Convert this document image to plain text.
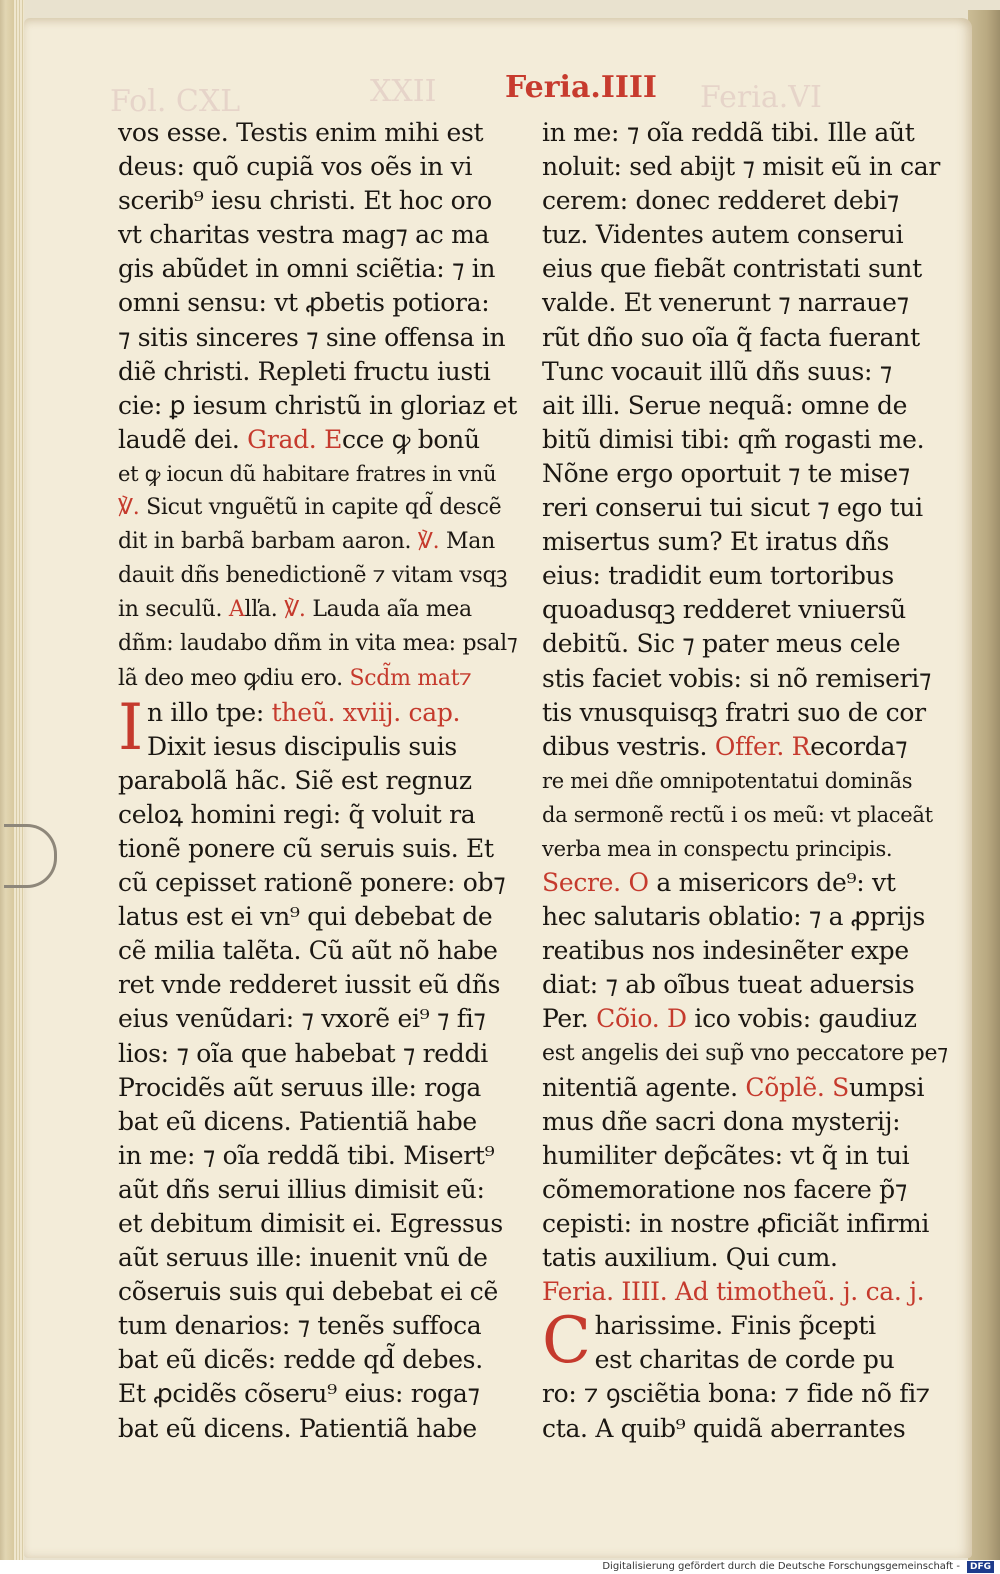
Fol. CXL	XXII	Feria.VI
Feria.IIII
vos esse. Testis enim mihi est
deus: quõ cupiã vos oẽs in vi
scerib⁹ iesu christi. Et hoc oro
vt charitas vestra mag⁊ ac ma
gis abũdet in omni sciẽtia: ⁊ in
omni sensu: vt ꝓbetis potiora:
⁊ sitis sinceres ⁊ sine offensa in
diẽ christi. Repleti fructu iusti
cie: ꝑ iesum christũ in gloriaz et
laudẽ dei. Grad. Ecce ꝙ bonũ
et ꝙ iocun dũ habitare fratres in vnũ
℣. Sicut vnguẽtũ in capite qd̃ descẽ
dit in barbã barbam aaron. ℣. Man
dauit dñs benedictionẽ ⁊ vitam vsqꝫ
in seculũ. Alľa. ℣. Lauda aĩa mea
dñm: laudabo dñm in vita mea: psal⁊
lã deo meo ꝙdiu ero. Scd̃m mat⁊
In illo tpe: theũ. xviij. cap.
Dixit iesus discipulis suis
parabolã hãc. Siẽ est regnuz
celoꝝ homini regi: q̃ voluit ra
tionẽ ponere cũ seruis suis. Et
cũ cepisset rationẽ ponere: ob⁊
latus est ei vn⁹ qui debebat de
cẽ milia talẽta. Cũ aũt nõ habe
ret vnde redderet iussit eũ dñs
eius venũdari: ⁊ vxorẽ ei⁹ ⁊ fi⁊
lios: ⁊ oĩa que habebat ⁊ reddi
Procidẽs aũt seruus ille: roga
bat eũ dicens. Patientiã habe
in me: ⁊ oĩa reddã tibi. Misert⁹
aũt dñs serui illius dimisit eũ:
et debitum dimisit ei. Egressus
aũt seruus ille: inuenit vnũ de
cõseruis suis qui debebat ei cẽ
tum denarios: ⁊ tenẽs suffoca
bat eũ dicẽs: redde qd̃ debes.
Et ꝓcidẽs cõseru⁹ eius: roga⁊
bat eũ dicens. Patientiã habe
in me: ⁊ oĩa reddã tibi. Ille aũt
noluit: sed abijt ⁊ misit eũ in car
cerem: donec redderet debi⁊
tuz. Videntes autem conserui
eius que fiebãt contristati sunt
valde. Et venerunt ⁊ narraue⁊
rũt dño suo oĩa q̃ facta fuerant
Tunc vocauit illũ dñs suus: ⁊
ait illi. Serue nequã: omne de
bitũ dimisi tibi: qm̃ rogasti me.
Nõne ergo oportuit ⁊ te mise⁊
reri conserui tui sicut ⁊ ego tui
misertus sum? Et iratus dñs
eius: tradidit eum tortoribus
quoadusqꝫ redderet vniuersũ
debitũ. Sic ⁊ pater meus cele
stis faciet vobis: si nõ remiseri⁊
tis vnusquisqꝫ fratri suo de cor
dibus vestris. Offer. Recorda⁊
re mei dñe omnipotentatui dominãs
da sermonẽ rectũ i os meũ: vt placeãt
verba mea in conspectu principis.
Secre. O a misericors de⁹: vt
hec salutaris oblatio: ⁊ a ꝓprijs
reatibus nos indesinẽter expe
diat: ⁊ ab oĩbus tueat aduersis
Per. Cõio. D ico vobis: gaudiuz
est angelis dei sup̃ vno peccatore pe⁊
nitentiã agente. Cõplẽ. Sumpsi
mus dñe sacri dona mysterij:
humiliter dep̃cãtes: vt q̃ in tui
cõmemoratione nos facere p̃⁊
cepisti: in nostre ꝓficiãt infirmi
tatis auxilium. Qui cum.
Feria. IIII. Ad timotheũ. j. ca. j.
Charissime. Finis p̃cepti
est charitas de corde pu
ro: ⁊ ꝯsciẽtia bona: ⁊ fide nõ fi⁊
cta. A quib⁹ quidã aberrantes
Digitalisierung gefördert durch die Deutsche Forschungsgemeinschaft -	DFG
